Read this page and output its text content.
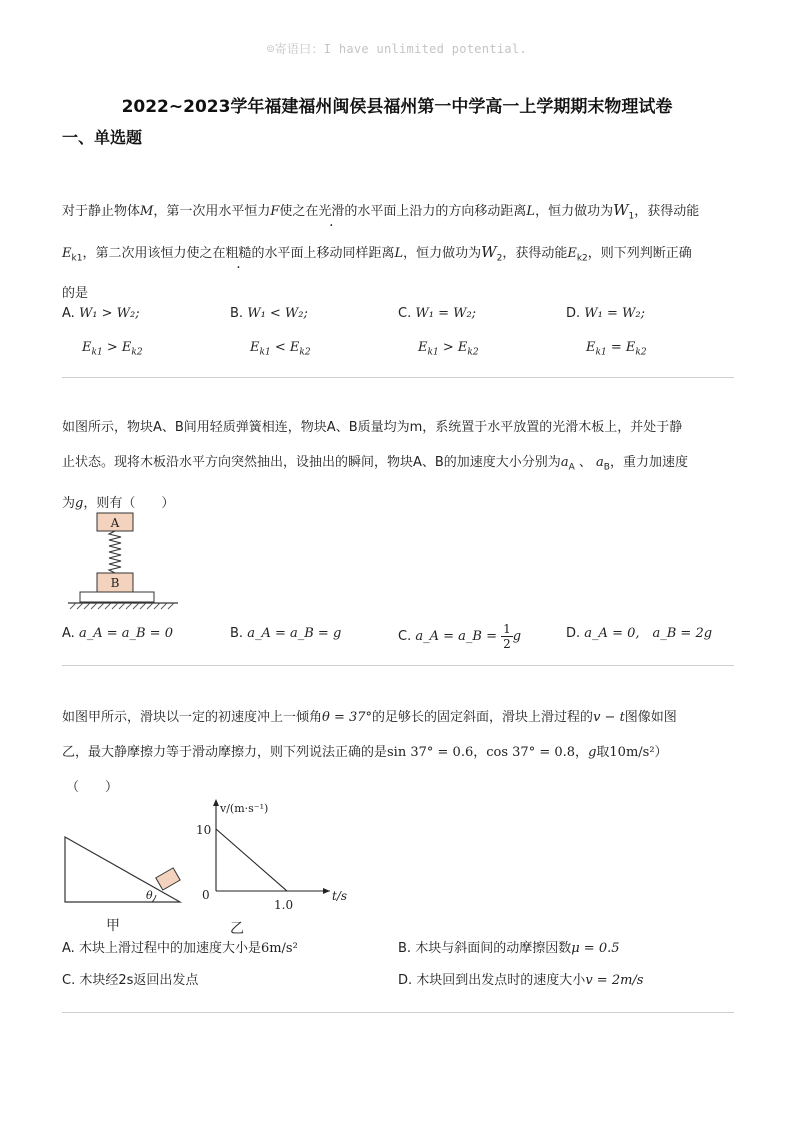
☺寄语曰：I have unlimited potential.
2022~2023学年福建福州闽侯县福州第一中学高一上学期期末物理试卷
一、单选题
对于静止物体M，第一次用水平恒力F使之在光滑的水平面上沿力的方向移动距离L，恒力做功为$W_1$，获得动能
$E_{k1}$，第二次用该恒力使之在粗糙的水平面上移动同样距离L，恒力做功为$W_2$，获得动能$E_{k2}$，则下列判断正确
的是
A. W₁ > W₂;
$E_{k1} > E_{k2}$
B. W₁ < W₂;
$E_{k1} < E_{k2}$
C. W₁ = W₂;
$E_{k1} > E_{k2}$
D. W₁ = W₂;
$E_{k1} = E_{k2}$
如图所示，物块A、B间用轻质弹簧相连，物块A、B质量均为m，系统置于水平放置的光滑木板上，并处于静
止状态。现将木板沿水平方向突然抽出，设抽出的瞬间，物块A、B的加速度大小分别为$a_A$ 、 $a_B$，重力加速度
为g，则有（　　）
A
B
A. a_A = a_B = 0	B. a_A = a_B = g	C. a_A = a_B = $\frac{1}{2}$ g	D. a_A = 0,　a_B = 2g
如图甲所示，滑块以一定的初速度冲上一倾角θ = 37°的足够长的固定斜面，滑块上滑过程的v − t图像如图
乙，最大静摩擦力等于滑动摩擦力，则下列说法正确的是sin 37° = 0.6，cos 37° = 0.8，g取10m/s²）
（　　）
θ
甲
v/(m·s⁻¹)
t/s
10
0
1.0
乙
A. 木块上滑过程中的加速度大小是6m/s²	B. 木块与斜面间的动摩擦因数μ = 0.5
C. 木块经2s返回出发点	D. 木块回到出发点时的速度大小v = 2m/s
